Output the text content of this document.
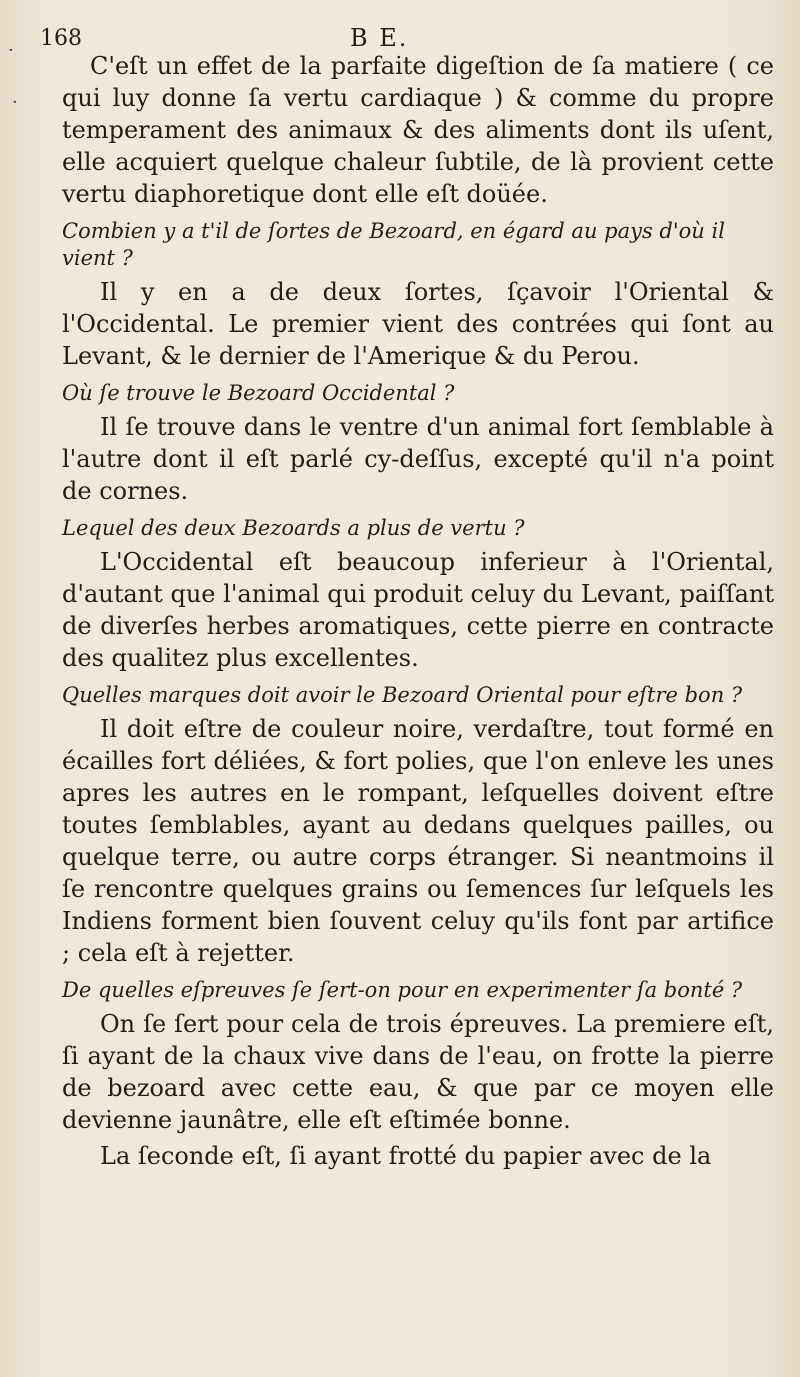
168	B E.
·
·

C'eſt un effet de la parfaite digeſtion de ſa matiere ( ce qui luy donne ſa vertu cardiaque ) & comme du propre temperament des animaux & des aliments dont ils uſent, elle acquiert quelque chaleur ſubtile, de là provient cette vertu diaphoretique dont elle eſt doüée.

Combien y a t'il de ſortes de Bezoard, en égard au pays d'où il vient ?

Il y en a de deux ſortes, ſçavoir l'Oriental & l'Occidental. Le premier vient des contrées qui ſont au Levant, & le dernier de l'Amerique & du Perou.

Où ſe trouve le Bezoard Occidental ?

Il ſe trouve dans le ventre d'un animal fort ſemblable à l'autre dont il eſt parlé cy-deſſus, excepté qu'il n'a point de cornes.

Lequel des deux Bezoards a plus de vertu ?

L'Occidental eſt beaucoup inferieur à l'Oriental, d'autant que l'animal qui produit celuy du Levant, paiſſant de diverſes herbes aromatiques, cette pierre en contracte des qualitez plus excellentes.

Quelles marques doit avoir le Bezoard Oriental pour eſtre bon ?

Il doit eſtre de couleur noire, verdaſtre, tout formé en écailles fort déliées, & fort polies, que l'on enleve les unes apres les autres en le rompant, leſquelles doivent eſtre toutes ſemblables, ayant au dedans quelques pailles, ou quelque terre, ou autre corps étranger. Si neantmoins il ſe rencontre quelques grains ou ſemences ſur leſquels les Indiens forment bien ſouvent celuy qu'ils font par artifice ; cela eſt à rejetter.

De quelles eſpreuves ſe ſert-on pour en experimenter ſa bonté ?

On ſe ſert pour cela de trois épreuves. La premiere eſt, ſi ayant de la chaux vive dans de l'eau, on frotte la pierre de bezoard avec cette eau, & que par ce moyen elle devienne jaunâtre, elle eſt eſtimée bonne.

La ſeconde eſt, ſi ayant frotté du papier avec de la
